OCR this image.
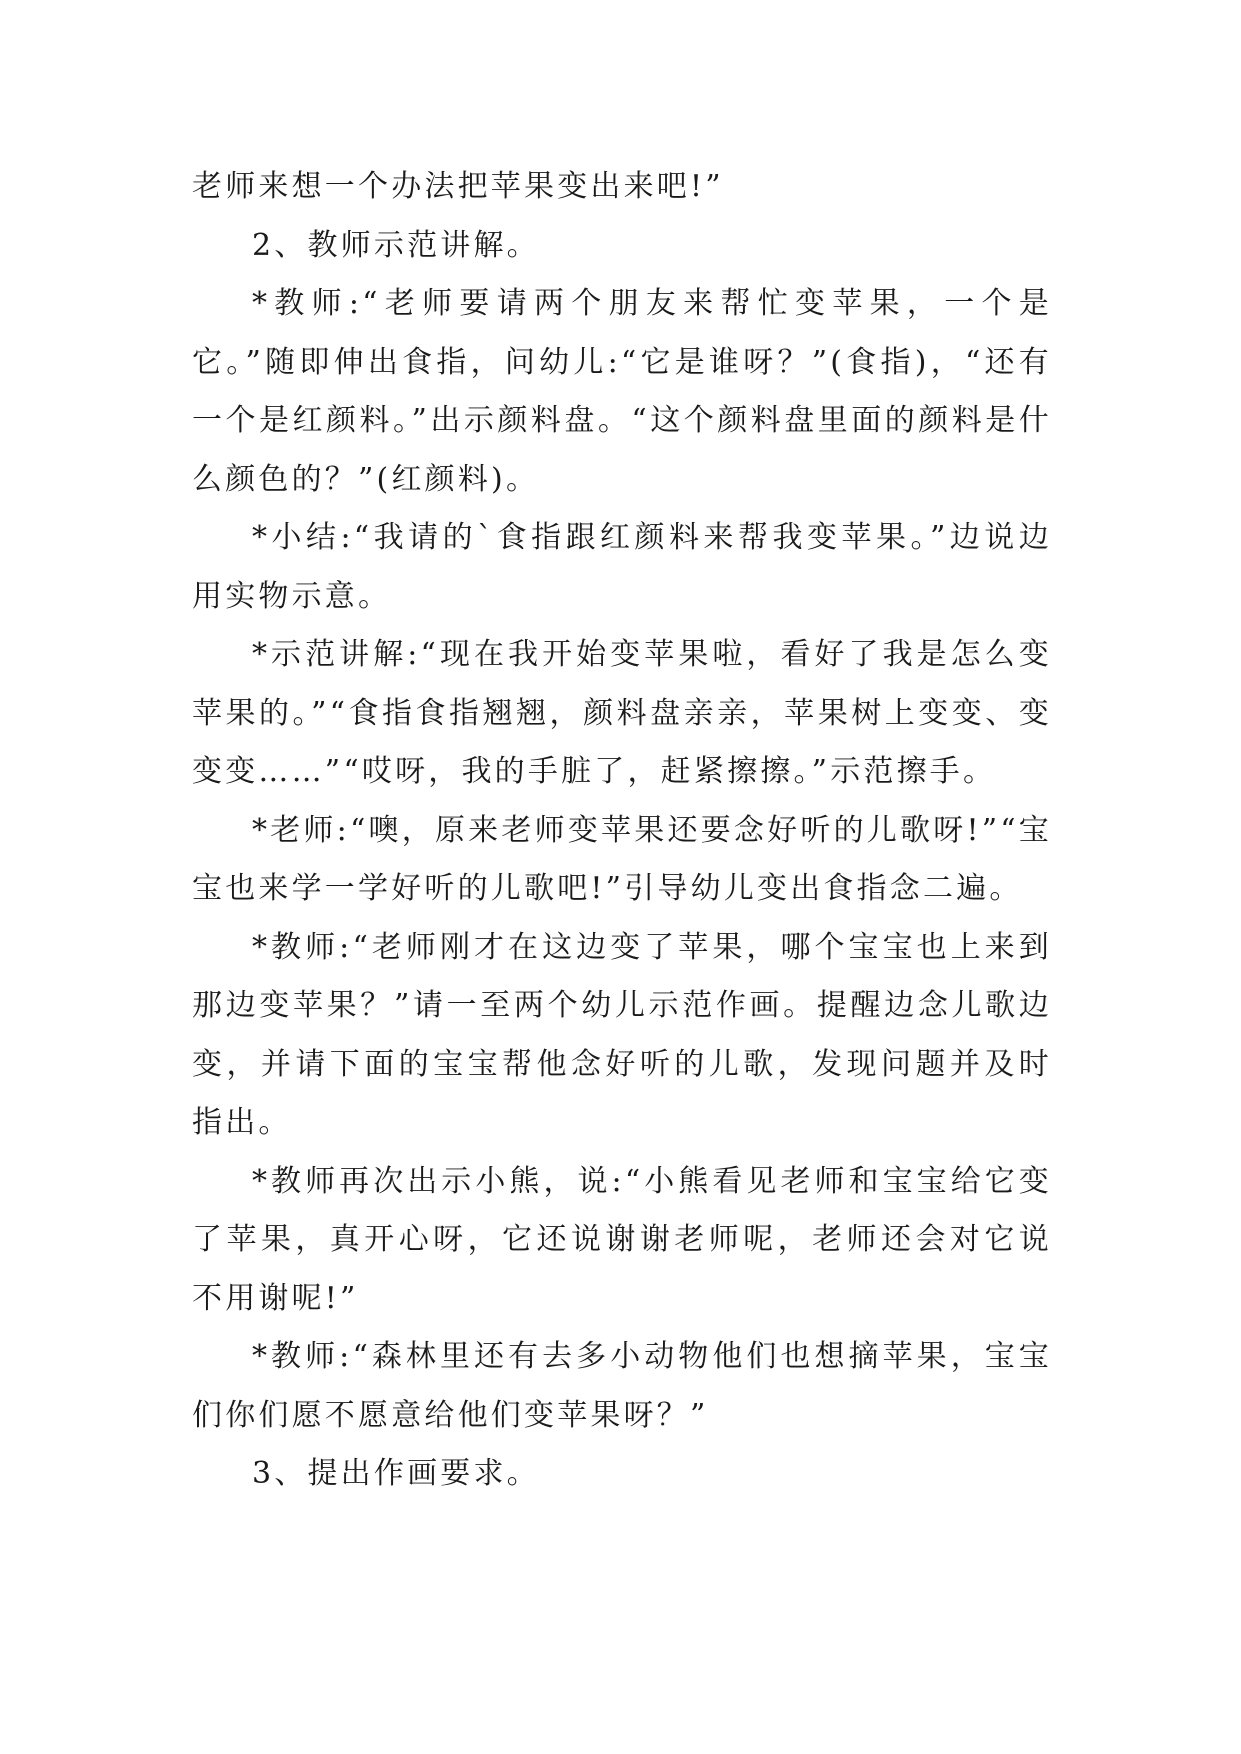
老师来想一个办法把苹果变出来吧!”

2、教师示范讲解。

*教师:“老师要请两个朋友来帮忙变苹果，一个是它。”随即伸出食指，问幼儿:“它是谁呀？”(食指)，“还有一个是红颜料。”出示颜料盘。“这个颜料盘里面的颜料是什么颜色的？”(红颜料)。

*小结:“我请的`食指跟红颜料来帮我变苹果。”边说边用实物示意。

*示范讲解:“现在我开始变苹果啦，看好了我是怎么变苹果的。”“食指食指翘翘，颜料盘亲亲，苹果树上变变、变变变……”“哎呀，我的手脏了，赶紧擦擦。”示范擦手。

*老师:“噢，原来老师变苹果还要念好听的儿歌呀!”“宝宝也来学一学好听的儿歌吧!”引导幼儿变出食指念二遍。

*教师:“老师刚才在这边变了苹果，哪个宝宝也上来到那边变苹果？”请一至两个幼儿示范作画。提醒边念儿歌边变，并请下面的宝宝帮他念好听的儿歌，发现问题并及时指出。

*教师再次出示小熊，说:“小熊看见老师和宝宝给它变了苹果，真开心呀，它还说谢谢老师呢，老师还会对它说不用谢呢!”

*教师:“森林里还有去多小动物他们也想摘苹果，宝宝们你们愿不愿意给他们变苹果呀？”

3、提出作画要求。
